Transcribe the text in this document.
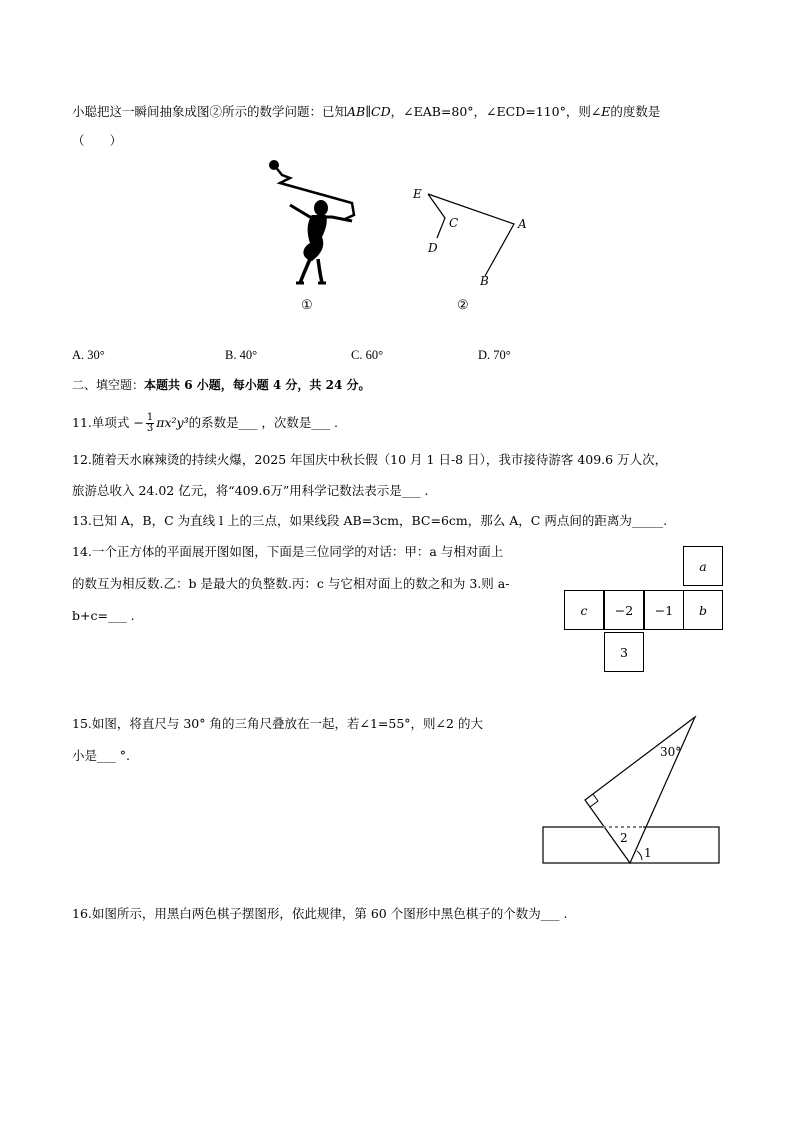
小聪把这一瞬间抽象成图②所示的数学问题：已知AB∥CD，∠EAB=80°，∠ECD=110°，则∠E的度数是
（　　）
①
E
C
D
A
B
②
A. 30°	B. 40°	C. 60°	D. 70°
二、填空题：本题共 6 小题，每小题 4 分，共 24 分。
11.单项式 − $\frac{1}{3} \pi x^2y^3$的系数是___ ，次数是___ .
12.随着天水麻辣烫的持续火爆，2025 年国庆中秋长假（10 月 1 日-8 日），我市接待游客 409.6 万人次，
旅游总收入 24.02 亿元，将“409.6万”用科学记数法表示是___ .
13.已知 A，B，C 为直线 l 上的三点，如果线段 AB=3cm，BC=6cm，那么 A，C 两点间的距离为_____.
14.一个正方体的平面展开图如图，下面是三位同学的对话：甲：a 与相对面上
的数互为相反数.乙：b 是最大的负整数.丙：c 与它相对面上的数之和为 3.则 a-
b+c=___ .
a
c	−2	−1	b
3
15.如图，将直尺与 30° 角的三角尺叠放在一起，若∠1=55°，则∠2 的大
小是___ °.	30°
1
2
16.如图所示，用黑白两色棋子摆图形，依此规律，第 60 个图形中黑色棋子的个数为___ .
